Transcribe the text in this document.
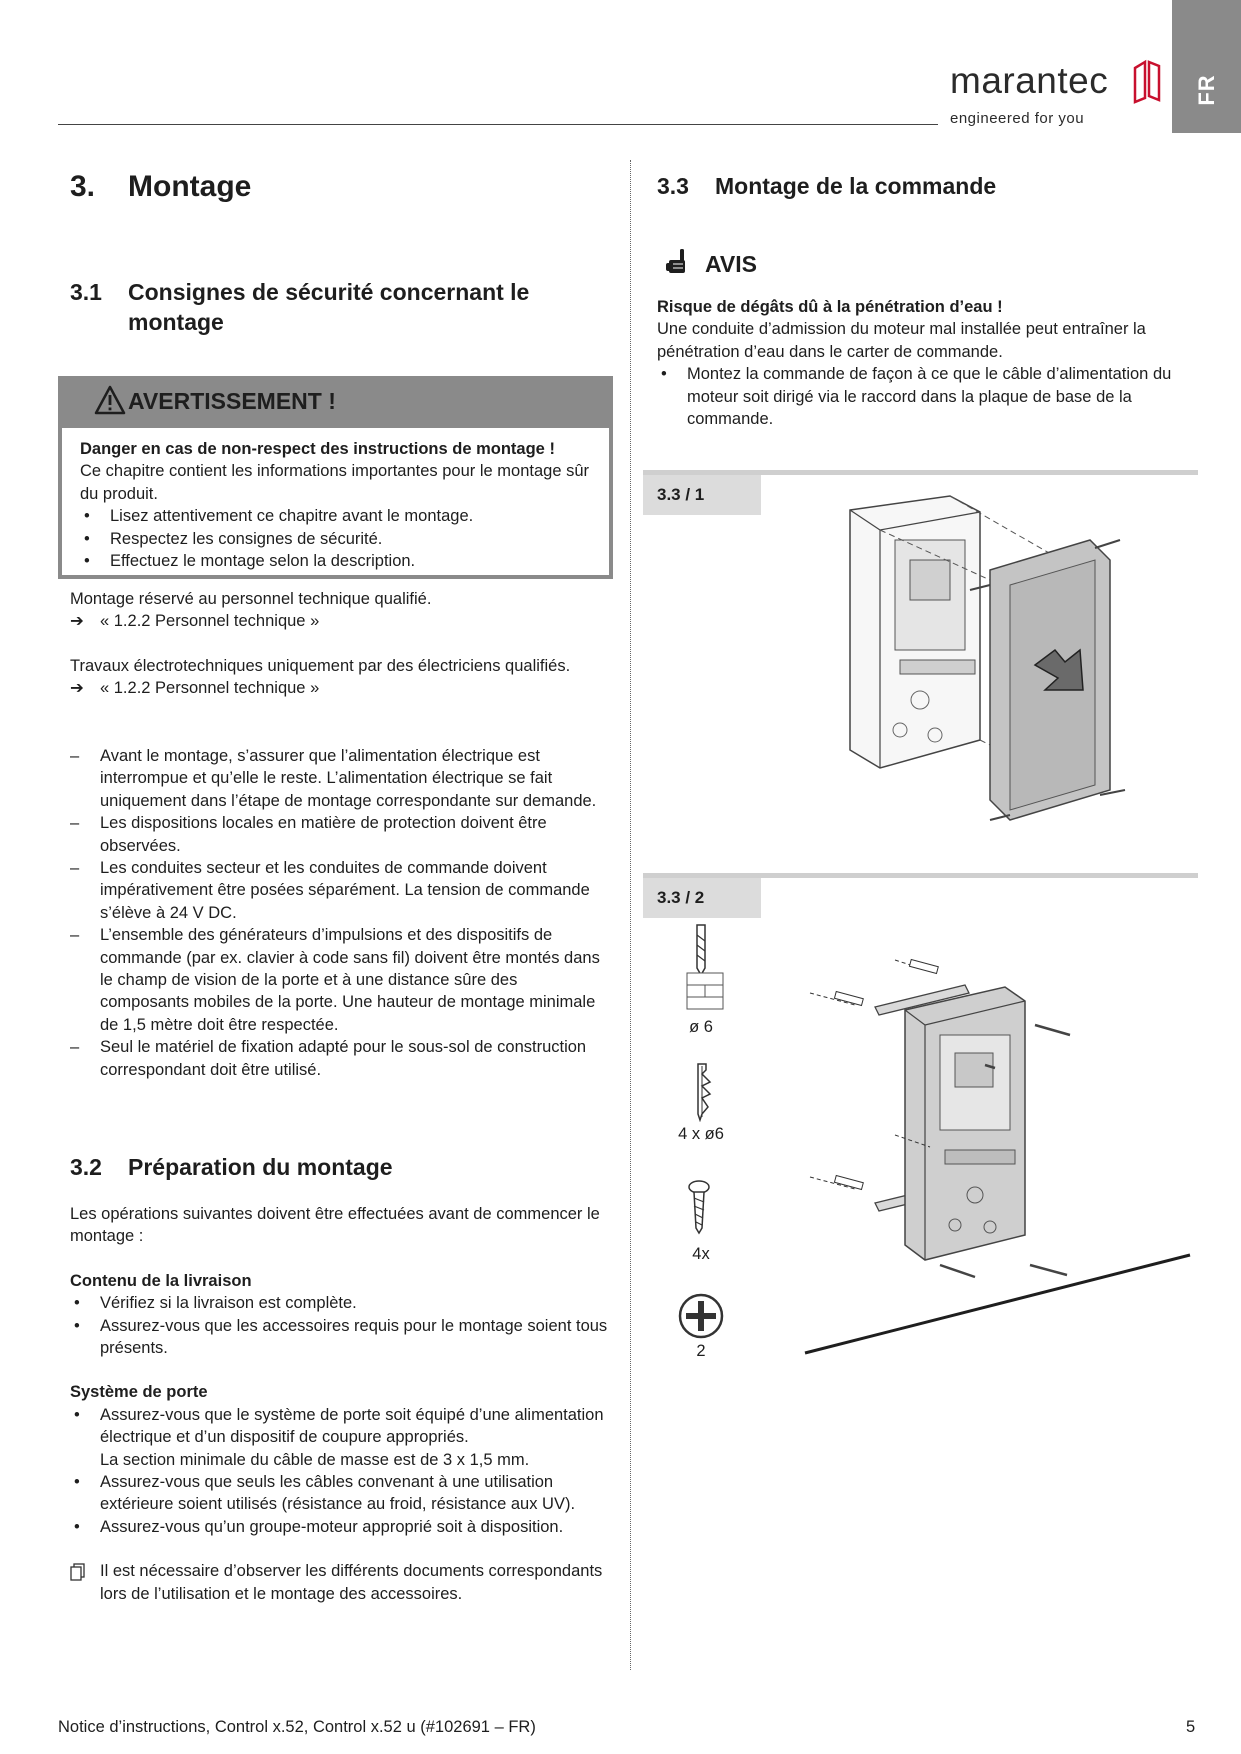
FR
marantec
engineered for you
3. Montage
3.1 Consignes de sécurité concernant le montage
AVERTISSEMENT !

Danger en cas de non-respect des instructions de montage !

Ce chapitre contient les informations importantes pour le montage sûr du produit.

• Lisez attentivement ce chapitre avant le montage.
• Respectez les consignes de sécurité.
• Effectuez le montage selon la description.

Montage réservé au personnel technique qualifié.

➔ « 1.2.2 Personnel technique »

Travaux électrotechniques uniquement par des électriciens qualifiés.

➔ « 1.2.2 Personnel technique »
– Avant le montage, s’assurer que l’alimentation électrique est interrompue et qu’elle le reste. L’alimentation électrique se fait uniquement dans l’étape de montage correspondante sur demande.
– Les dispositions locales en matière de protection doivent être observées.
– Les conduites secteur et les conduites de commande doivent impérativement être posées séparément. La tension de commande s’élève à 24 V DC.
– L’ensemble des générateurs d’impulsions et des dispositifs de commande (par ex. clavier à code sans fil) doivent être montés dans le champ de vision de la porte et à une distance sûre des composants mobiles de la porte. Une hauteur de montage minimale de 1,5 mètre doit être respectée.
– Seul le matériel de fixation adapté pour le sous-sol de construction correspondant doit être utilisé.
3.2 Préparation du montage

Les opérations suivantes doivent être effectuées avant de commencer le montage :

Contenu de la livraison

• Vérifiez si la livraison est complète.
• Assurez-vous que les accessoires requis pour le montage soient tous présents.

Système de porte

• Assurez-vous que le système de porte soit équipé d’une alimentation électrique et d’un dispositif de coupure appropriés.
La section minimale du câble de masse est de 3 x 1,5 mm.
• Assurez-vous que seuls les câbles convenant à une utilisation extérieure soient utilisés (résistance au froid, résistance aux UV).
• Assurez-vous qu’un groupe-moteur approprié soit à disposition.
Il est nécessaire d’observer les différents documents correspondants lors de l’utilisation et le montage des accessoires.
3.3 Montage de la commande
AVIS

Risque de dégâts dû à la pénétration d’eau !

Une conduite d’admission du moteur mal installée peut entraîner la pénétration d’eau dans le carter de commande.

• Montez la commande de façon à ce que le câble d’alimentation du moteur soit dirigé via le raccord dans la plaque de base de la commande.
3.3 / 1
3.3 / 2
ø 6
4 x ø6
4x
2
Notice d’instructions, Control x.52, Control x.52 u (#102691 – FR)	5
